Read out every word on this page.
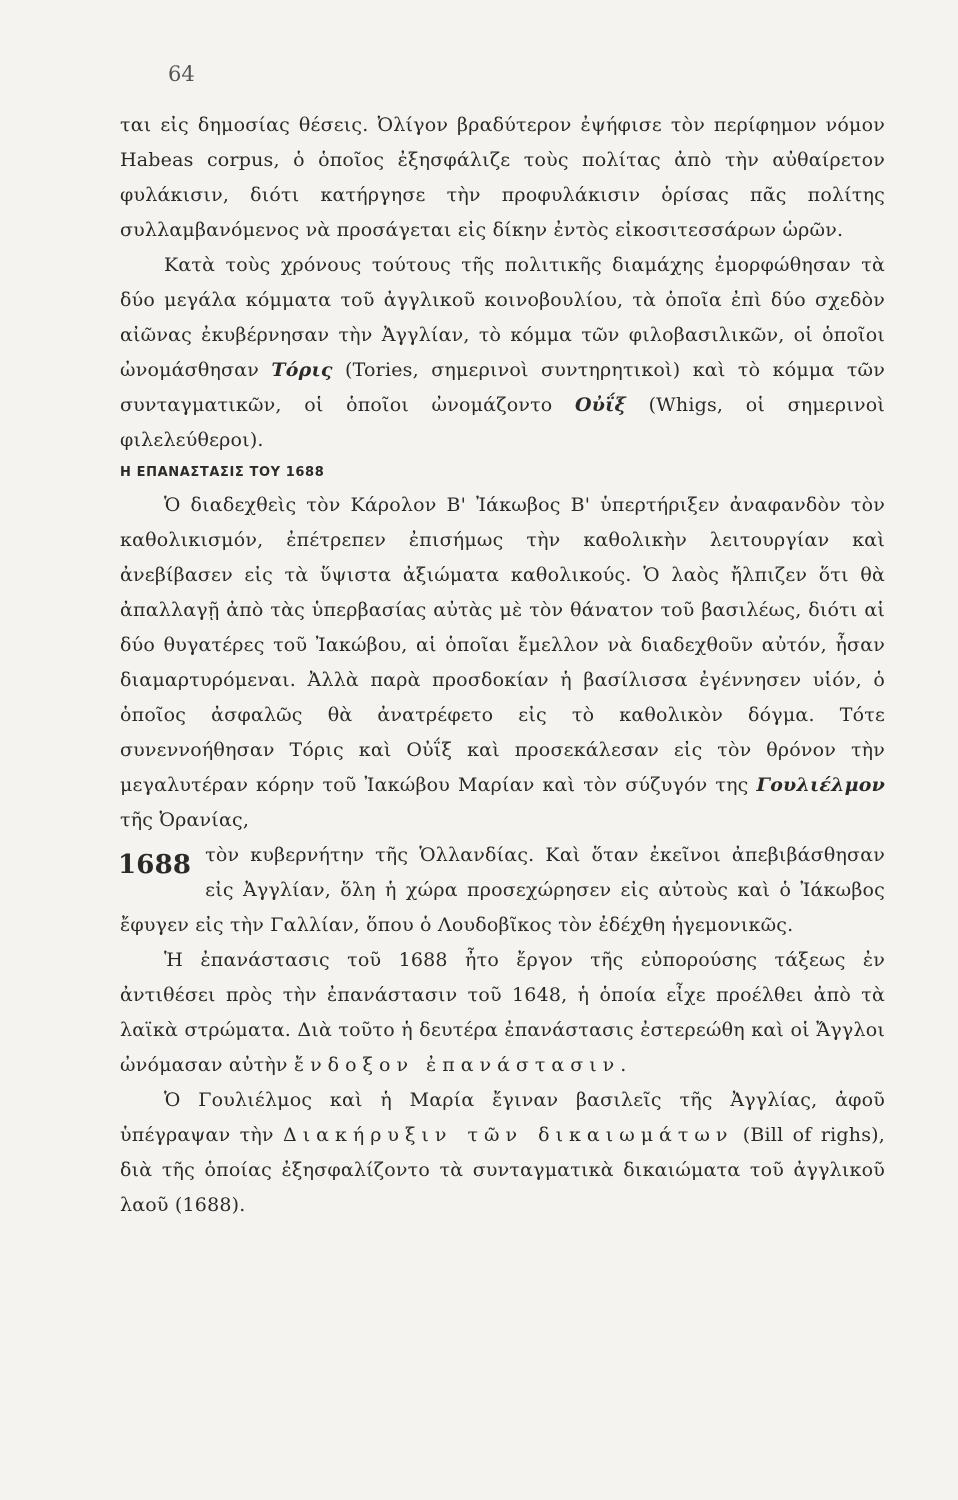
64

ται εἰς δημοσίας θέσεις. Ὀλίγον βραδύτερον ἐψήφισε τὸν περίφημον νόμον Habeas corpus, ὁ ὁποῖος ἐξησφάλιζε τοὺς πολίτας ἀπὸ τὴν αὐθαίρετον φυλάκισιν, διότι κατήργησε τὴν προφυλάκισιν ὁρίσας πᾶς πολίτης συλλαμβανόμενος νὰ προσάγεται εἰς δίκην ἐντὸς εἰκοσιτεσσάρων ὡρῶν.

Κατὰ τοὺς χρόνους τούτους τῆς πολιτικῆς διαμάχης ἐμορφώθησαν τὰ δύο μεγάλα κόμματα τοῦ ἀγγλικοῦ κοινοβουλίου, τὰ ὁποῖα ἐπὶ δύο σχεδὸν αἰῶνας ἐκυβέρνησαν τὴν Ἀγγλίαν, τὸ κόμμα τῶν φιλοβασιλικῶν, οἱ ὁποῖοι ὠνομάσθησαν Τόρις (Tories, σημερινοὶ συντηρητικοὶ) καὶ τὸ κόμμα τῶν συνταγματικῶν, οἱ ὁποῖοι ὠνομάζοντο Οὐΐξ (Whigs, οἱ σημερινοὶ φιλελεύθεροι).

Η ΕΠΑΝΑΣΤΑΣΙΣ ΤΟΥ 1688

Ὁ διαδεχθεὶς τὸν Κάρολον Β' Ἰάκωβος Β' ὑπερτήριξεν ἀναφανδὸν τὸν καθολικισμόν, ἐπέτρεπεν ἐπισήμως τὴν καθολικὴν λειτουργίαν καὶ ἀνεβίβασεν εἰς τὰ ὕψιστα ἀξιώματα καθολικούς. Ὁ λαὸς ἤλπιζεν ὅτι θὰ ἀπαλλαγῇ ἀπὸ τὰς ὑπερβασίας αὐτὰς μὲ τὸν θάνατον τοῦ βασιλέως, διότι αἱ δύο θυγατέρες τοῦ Ἰακώβου, αἱ ὁποῖαι ἔμελλον νὰ διαδεχθοῦν αὐτόν, ἦσαν διαμαρτυρόμεναι. Ἀλλὰ παρὰ προσδοκίαν ἡ βασίλισσα ἐγέννησεν υἱόν, ὁ ὁποῖος ἀσφαλῶς θὰ ἀνατρέφετο εἰς τὸ καθολικὸν δόγμα. Τότε συνεννοήθησαν Τόρις καὶ Οὐΐξ καὶ προσεκάλεσαν εἰς τὸν θρόνον τὴν μεγαλυτέραν κόρην τοῦ Ἰακώβου Μαρίαν καὶ τὸν σύζυγόν της Γουλιέλμον τῆς Ὀρανίας,

1688 τὸν κυβερνήτην τῆς Ὁλλανδίας. Καὶ ὅταν ἐκεῖνοι ἀπεβιβάσθησαν εἰς Ἀγγλίαν, ὅλη ἡ χώρα προσεχώρησεν εἰς αὐτοὺς καὶ ὁ Ἰάκωβος ἔφυγεν εἰς τὴν Γαλλίαν, ὅπου ὁ Λουδοβῖκος τὸν ἐδέχθη ἡγεμονικῶς.

Ἡ ἐπανάστασις τοῦ 1688 ἦτο ἔργον τῆς εὐπορούσης τάξεως ἐν ἀντιθέσει πρὸς τὴν ἐπανάστασιν τοῦ 1648, ἡ ὁποία εἶχε προέλθει ἀπὸ τὰ λαϊκὰ στρώματα. Διὰ τοῦτο ἡ δευτέρα ἐπανάστασις ἐστερεώθη καὶ οἱ Ἄγγλοι ὠνόμασαν αὐτὴν ἔνδοξον ἐπανάστασιν.

Ὁ Γουλιέλμος καὶ ἡ Μαρία ἔγιναν βασιλεῖς τῆς Ἀγγλίας, ἀφοῦ ὑπέγραψαν τὴν Διακήρυξιν τῶν δικαιωμάτων (Bill of righs), διὰ τῆς ὁποίας ἐξησφαλίζοντο τὰ συνταγματικὰ δικαιώματα τοῦ ἀγγλικοῦ λαοῦ (1688).
